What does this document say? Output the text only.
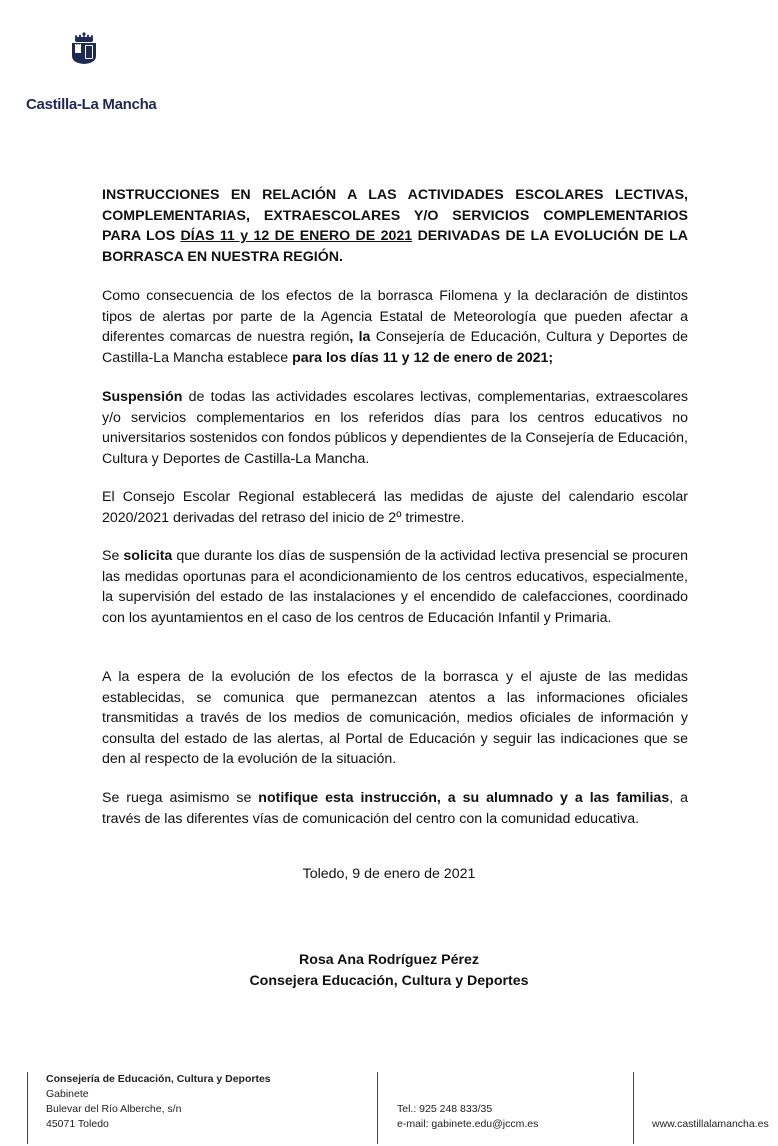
Castilla-La Mancha
INSTRUCCIONES EN RELACIÓN A LAS ACTIVIDADES ESCOLARES LECTIVAS, COMPLEMENTARIAS, EXTRAESCOLARES Y/O SERVICIOS COMPLEMENTARIOS PARA LOS DÍAS 11 y 12 DE ENERO DE 2021 DERIVADAS DE LA EVOLUCIÓN DE LA BORRASCA EN NUESTRA REGIÓN.
Como consecuencia de los efectos de la borrasca Filomena y la declaración de distintos tipos de alertas por parte de la Agencia Estatal de Meteorología que pueden afectar a diferentes comarcas de nuestra región, la Consejería de Educación, Cultura y Deportes de Castilla-La Mancha establece para los días 11 y 12 de enero de 2021;
Suspensión de todas las actividades escolares lectivas, complementarias, extraescolares y/o servicios complementarios en los referidos días para los centros educativos no universitarios sostenidos con fondos públicos y dependientes de la Consejería de Educación, Cultura y Deportes de Castilla-La Mancha.
El Consejo Escolar Regional establecerá las medidas de ajuste del calendario escolar 2020/2021 derivadas del retraso del inicio de 2º trimestre.
Se solicita que durante los días de suspensión de la actividad lectiva presencial se procuren las medidas oportunas para el acondicionamiento de los centros educativos, especialmente, la supervisión del estado de las instalaciones y el encendido de calefacciones, coordinado con los ayuntamientos en el caso de los centros de Educación Infantil y Primaria.
A la espera de la evolución de los efectos de la borrasca y el ajuste de las medidas establecidas, se comunica que permanezcan atentos a las informaciones oficiales transmitidas a través de los medios de comunicación, medios oficiales de información y consulta del estado de las alertas, al Portal de Educación y seguir las indicaciones que se den al respecto de la evolución de la situación.
Se ruega asimismo se notifique esta instrucción, a su alumnado y a las familias, a través de las diferentes vías de comunicación del centro con la comunidad educativa.
Toledo, 9 de enero de 2021
Rosa Ana Rodríguez Pérez
Consejera Educación, Cultura y Deportes
Consejería de Educación, Cultura y Deportes
Gabinete
Bulevar del Río Alberche, s/n
45071 Toledo
Tel.: 925 248 833/35
e-mail: gabinete.edu@jccm.es	www.castillalamancha.es
